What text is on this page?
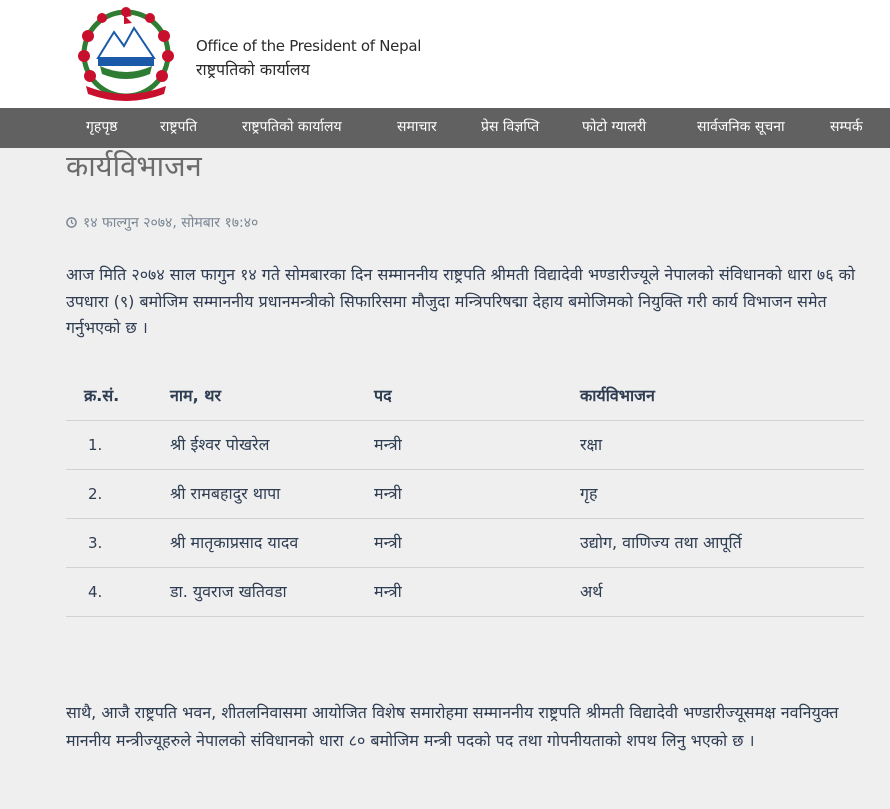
Office of the President of Nepal
राष्ट्रपतिको कार्यालय
गृहपृष्ठ	राष्ट्रपति	राष्ट्रपतिको कार्यालय	समाचार	प्रेस विज्ञप्ति	फोटो ग्यालरी	सार्वजनिक सूचना	सम्पर्क
कार्यविभाजन
१४ फाल्गुन २०७४, सोमबार १७:४०

आज मिति २०७४ साल फागुन १४ गते सोमबारका दिन सम्माननीय राष्ट्रपति श्रीमती विद्यादेवी भण्डारीज्यूले नेपालको संविधानको धारा ७६ को उपधारा (९) बमोजिम सम्माननीय प्रधानमन्त्रीको सिफारिसमा मौजुदा मन्त्रिपरिषद्मा देहाय बमोजिमको नियुक्ति गरी कार्य विभाजन समेत गर्नुभएको छ ।

क्र.सं.	नाम, थर	पद	कार्यविभाजन
1.	श्री ईश्वर पोखरेल	मन्त्री	रक्षा
2.	श्री रामबहादुर थापा	मन्त्री	गृह
3.	श्री मातृकाप्रसाद यादव	मन्त्री	उद्योग, वाणिज्य तथा आपूर्ति
4.	डा. युवराज खतिवडा	मन्त्री	अर्थ

साथै, आजै राष्ट्रपति भवन, शीतलनिवासमा आयोजित विशेष समारोहमा सम्माननीय राष्ट्रपति श्रीमती विद्यादेवी भण्डारीज्यूसमक्ष नवनियुक्त माननीय मन्त्रीज्यूहरुले नेपालको संविधानको धारा ८० बमोजिम मन्त्री पदको पद तथा गोपनीयताको शपथ लिनु भएको छ ।
